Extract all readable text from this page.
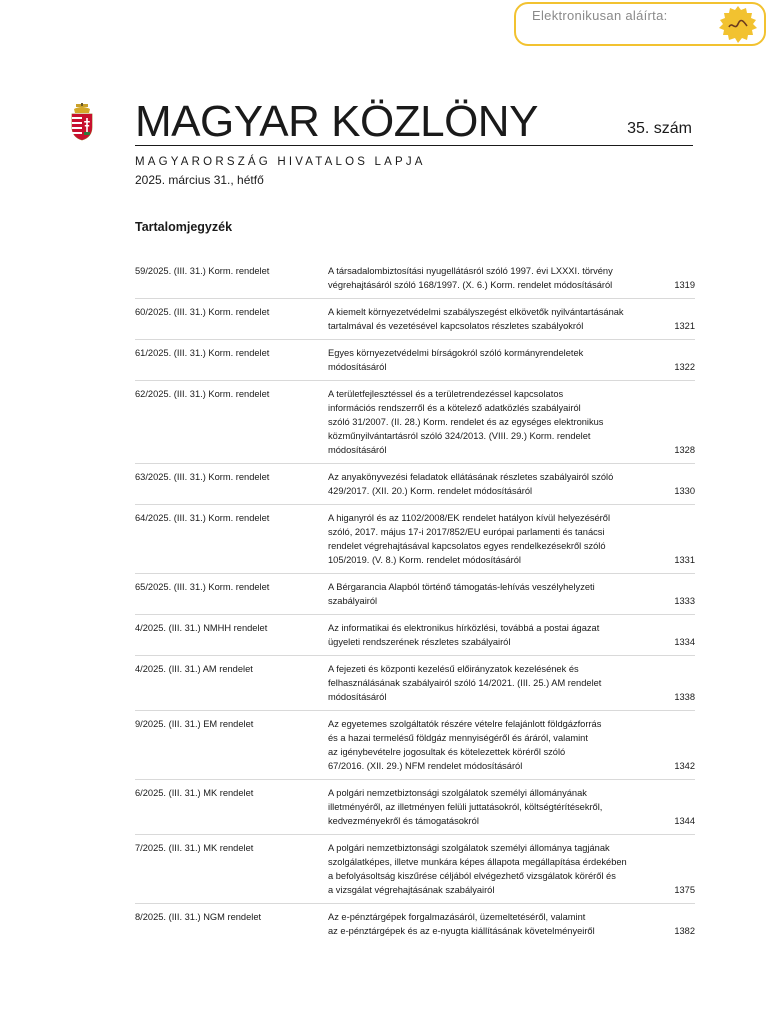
Elektronikusan aláírta:
MAGYAR KÖZLÖNY	35. szám
MAGYARORSZÁG HIVATALOS LAPJA
2025. március 31., hétfő
Tartalomjegyzék
59/2025. (III. 31.) Korm. rendelet	A társadalombiztosítási nyugellátásról szóló 1997. évi LXXXI. törvény
végrehajtásáról szóló 168/1997. (X. 6.) Korm. rendelet módosításáról	1319
60/2025. (III. 31.) Korm. rendelet	A kiemelt környezetvédelmi szabályszegést elkövetők nyilvántartásának
tartalmával és vezetésével kapcsolatos részletes szabályokról	1321
61/2025. (III. 31.) Korm. rendelet	Egyes környezetvédelmi bírságokról szóló kormányrendeletek
módosításáról	1322
62/2025. (III. 31.) Korm. rendelet	A területfejlesztéssel és a területrendezéssel kapcsolatos
információs rendszerről és a kötelező adatközlés szabályairól
szóló 31/2007. (II. 28.) Korm. rendelet és az egységes elektronikus
közműnyilvántartásról szóló 324/2013. (VIII. 29.) Korm. rendelet
módosításáról	1328
63/2025. (III. 31.) Korm. rendelet	Az anyakönyvezési feladatok ellátásának részletes szabályairól szóló
429/2017. (XII. 20.) Korm. rendelet módosításáról	1330
64/2025. (III. 31.) Korm. rendelet	A higanyról és az 1102/2008/EK rendelet hatályon kívül helyezéséről
szóló, 2017. május 17-i 2017/852/EU európai parlamenti és tanácsi
rendelet végrehajtásával kapcsolatos egyes rendelkezésekről szóló
105/2019. (V. 8.) Korm. rendelet módosításáról	1331
65/2025. (III. 31.) Korm. rendelet	A Bérgarancia Alapból történő támogatás-lehívás veszélyhelyzeti
szabályairól	1333
4/2025. (III. 31.) NMHH rendelet	Az informatikai és elektronikus hírközlési, továbbá a postai ágazat
ügyeleti rendszerének részletes szabályairól	1334
4/2025. (III. 31.) AM rendelet	A fejezeti és központi kezelésű előirányzatok kezelésének és
felhasználásának szabályairól szóló 14/2021. (III. 25.) AM rendelet
módosításáról	1338
9/2025. (III. 31.) EM rendelet	Az egyetemes szolgáltatók részére vételre felajánlott földgázforrás
és a hazai termelésű földgáz mennyiségéről és áráról, valamint
az igénybevételre jogosultak és kötelezettek köréről szóló
67/2016. (XII. 29.) NFM rendelet módosításáról	1342
6/2025. (III. 31.) MK rendelet	A polgári nemzetbiztonsági szolgálatok személyi állományának
illetményéről, az illetményen felüli juttatásokról, költségtérítésekről,
kedvezményekről és támogatásokról	1344
7/2025. (III. 31.) MK rendelet	A polgári nemzetbiztonsági szolgálatok személyi állománya tagjának
szolgálatképes, illetve munkára képes állapota megállapítása érdekében
a befolyásoltság kiszűrése céljából elvégezhető vizsgálatok köréről és
a vizsgálat végrehajtásának szabályairól	1375
8/2025. (III. 31.) NGM rendelet	Az e-pénztárgépek forgalmazásáról, üzemeltetéséről, valamint
az e-pénztárgépek és az e-nyugta kiállításának követelményeiről	1382
